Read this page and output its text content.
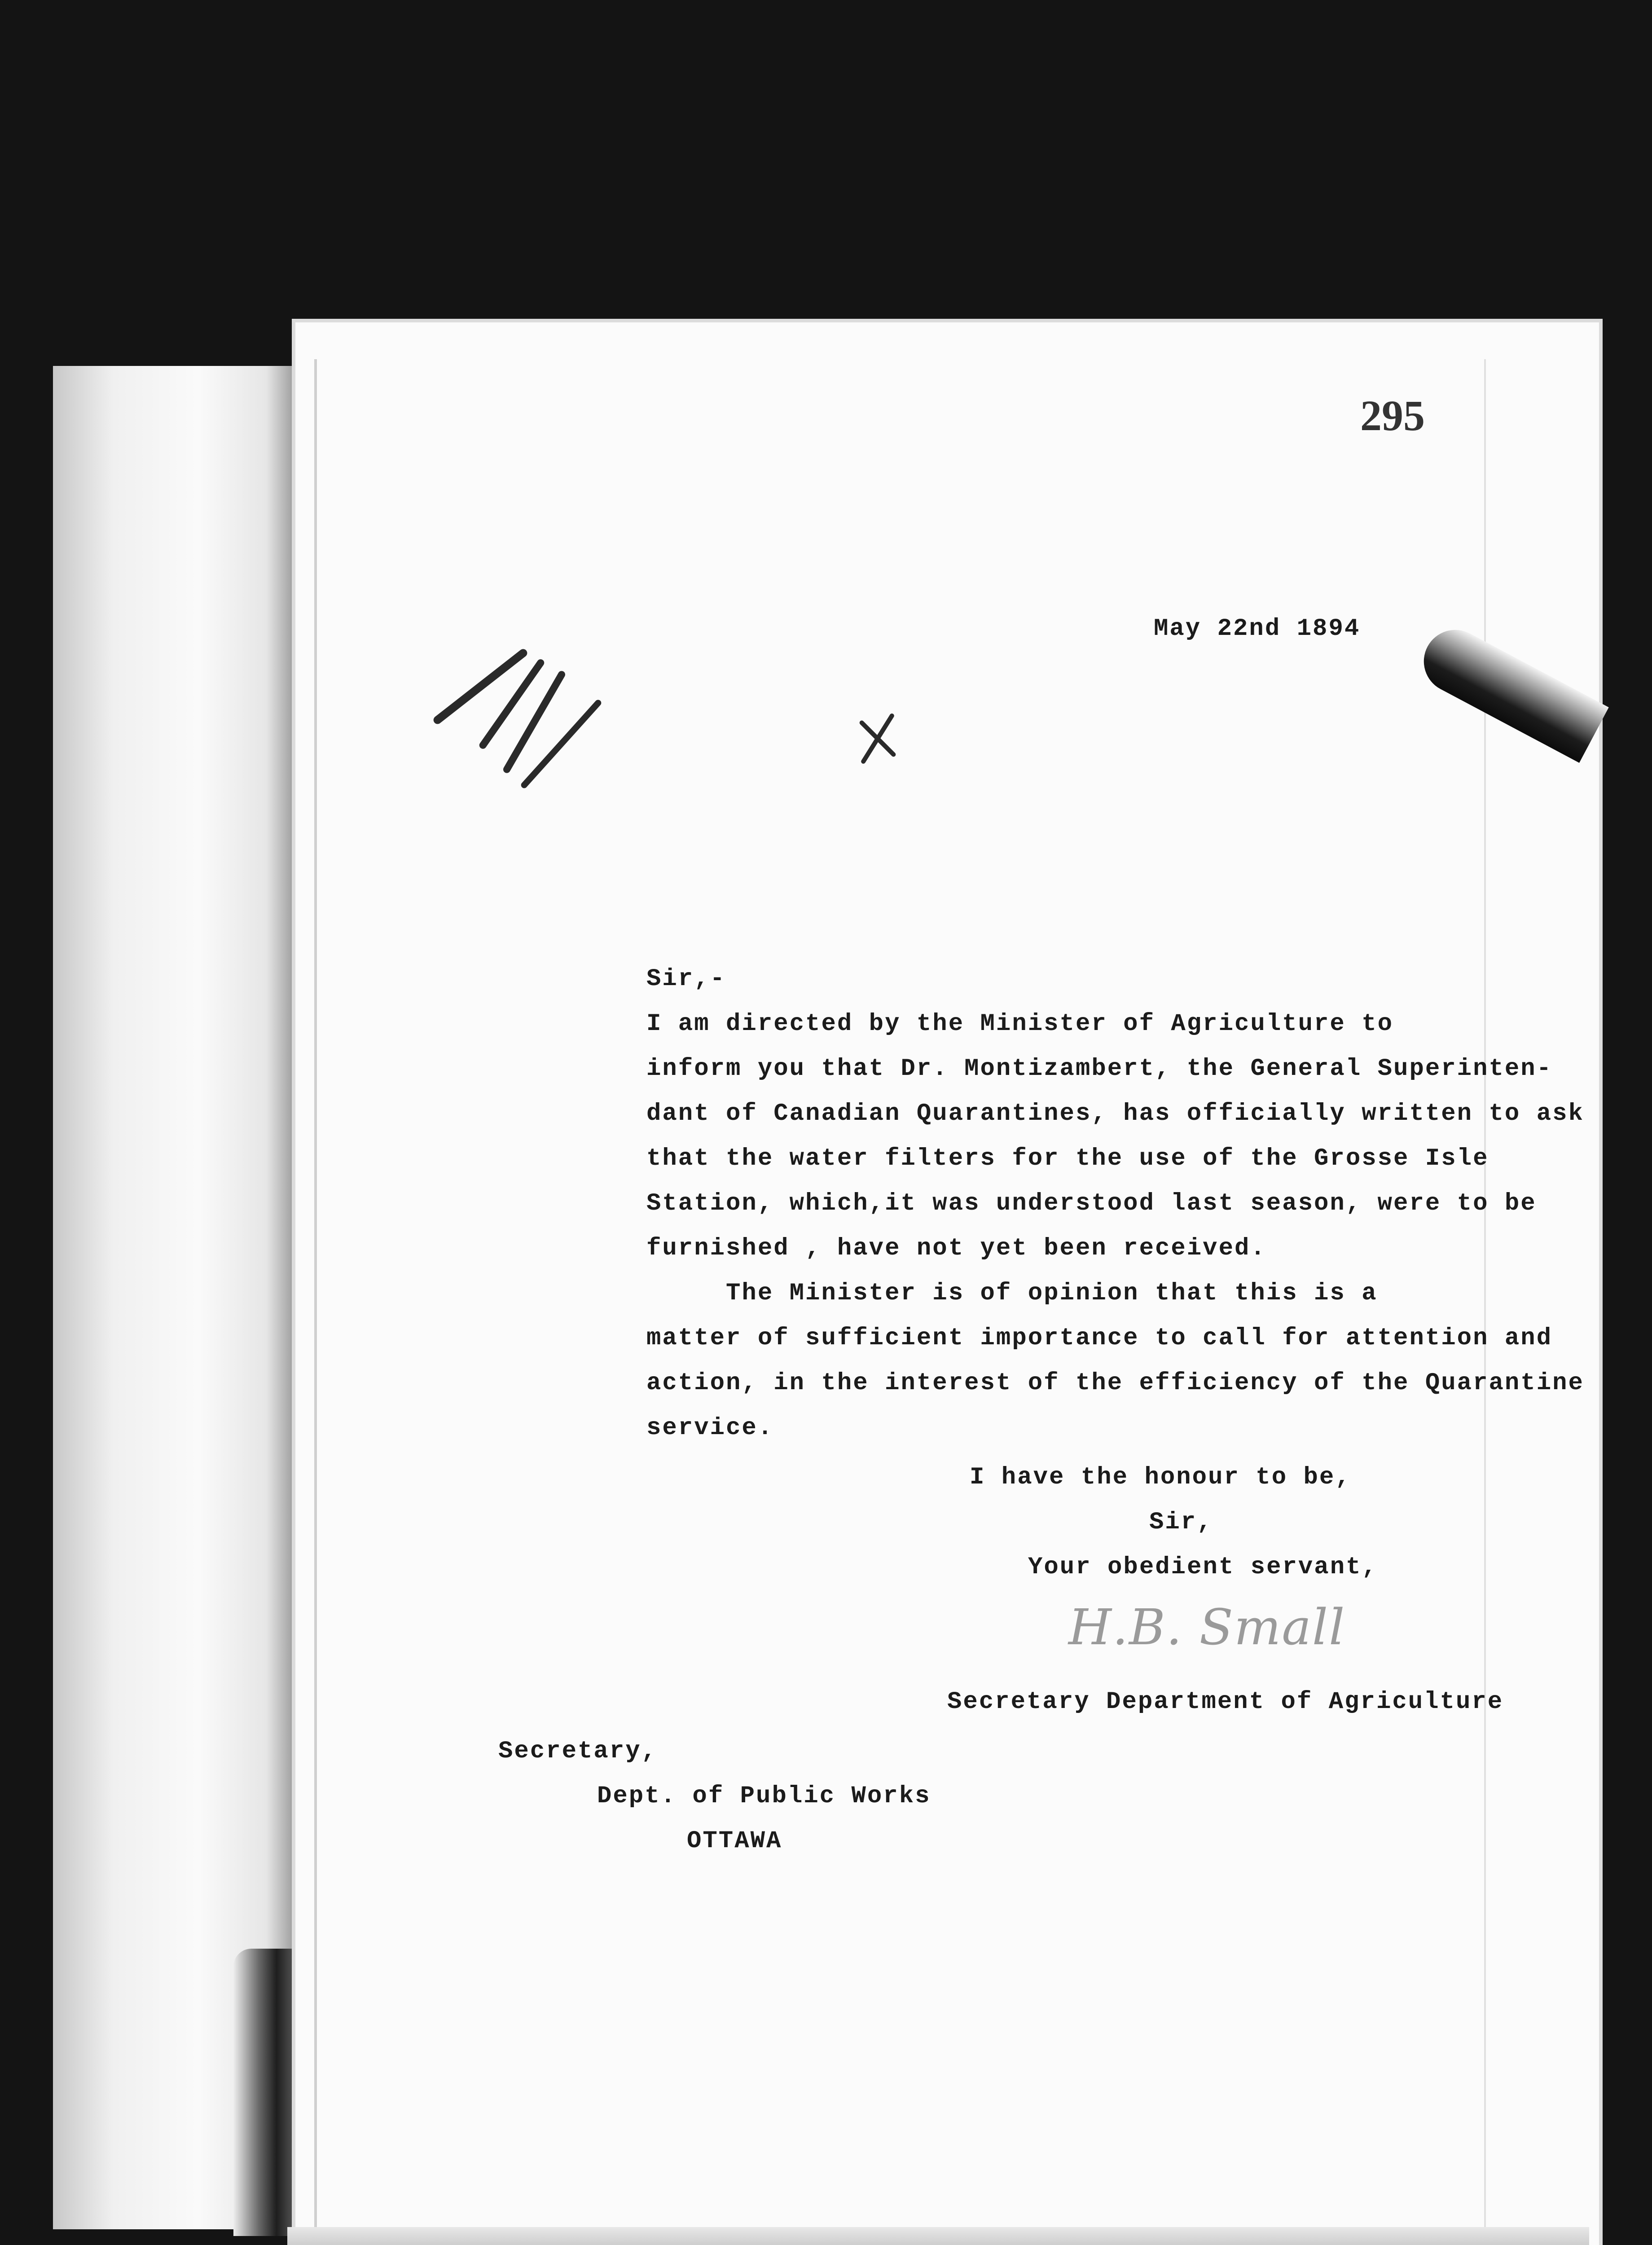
295
May 22nd 1894
Sir,-
I am directed by the Minister of Agriculture to
inform you that Dr. Montizambert, the General Superinten-
dant of Canadian Quarantines, has officially written to ask
that the water filters for the use of the Grosse Isle
Station, which,it was understood last season, were to be
furnished , have not yet been received.
The Minister is of opinion that this is a
matter of sufficient importance to call for attention and
action, in the interest of the efficiency of the Quarantine
service.
I have the honour to be,
Sir,
Your obedient servant,
H.B. Small
Secretary Department of Agriculture
Secretary,
Dept. of Public Works
OTTAWA
